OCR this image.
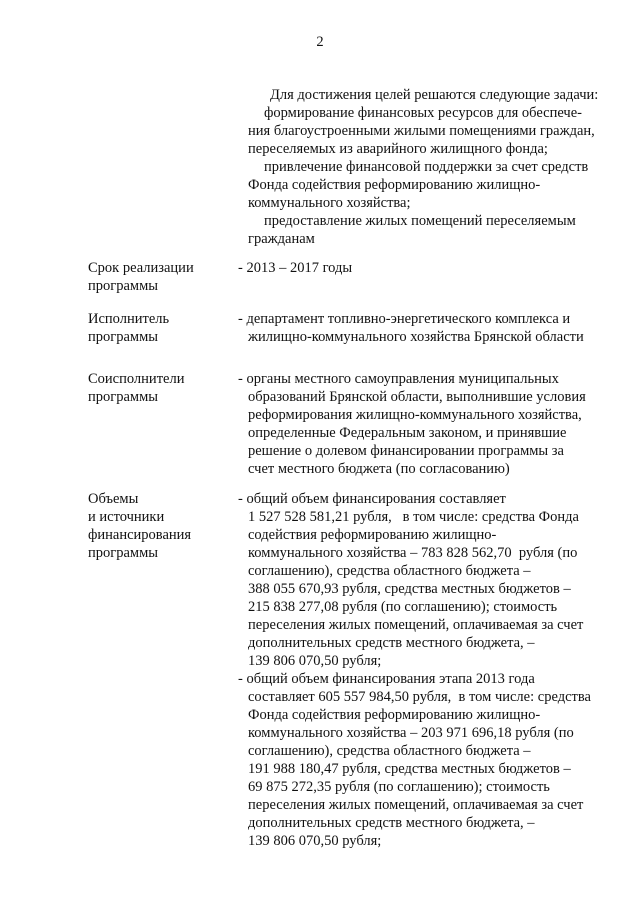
2
Для достижения целей решаются следующие задачи:
формирование финансовых ресурсов для обеспече-
ния благоустроенными жилыми помещениями граждан,
переселяемых из аварийного жилищного фонда;
привлечение финансовой поддержки за счет средств
Фонда содействия реформированию жилищно-
коммунального хозяйства;
предоставление жилых помещений переселяемым
гражданам
Срок реализации
программы
- 2013 – 2017 годы
Исполнитель
программы
- департамент топливно-энергетического комплекса и
жилищно-коммунального хозяйства Брянской области
Соисполнители
программы
- органы местного самоуправления муниципальных
образований Брянской области, выполнившие условия
реформирования жилищно-коммунального хозяйства,
определенные Федеральным законом, и принявшие
решение о долевом финансировании программы за
счет местного бюджета (по согласованию)
Объемы
и источники
финансирования
программы
- общий объем финансирования составляет
1 527 528 581,21 рубля,   в том числе: средства Фонда
содействия реформированию жилищно-
коммунального хозяйства – 783 828 562,70  рубля (по
соглашению), средства областного бюджета –
388 055 670,93 рубля, средства местных бюджетов –
215 838 277,08 рубля (по соглашению); стоимость
переселения жилых помещений, оплачиваемая за счет
дополнительных средств местного бюджета, –
139 806 070,50 рубля;
- общий объем финансирования этапа 2013 года
составляет 605 557 984,50 рубля,  в том числе: средства
Фонда содействия реформированию жилищно-
коммунального хозяйства – 203 971 696,18 рубля (по
соглашению), средства областного бюджета –
191 988 180,47 рубля, средства местных бюджетов –
69 875 272,35 рубля (по соглашению); стоимость
переселения жилых помещений, оплачиваемая за счет
дополнительных средств местного бюджета, –
139 806 070,50 рубля;
